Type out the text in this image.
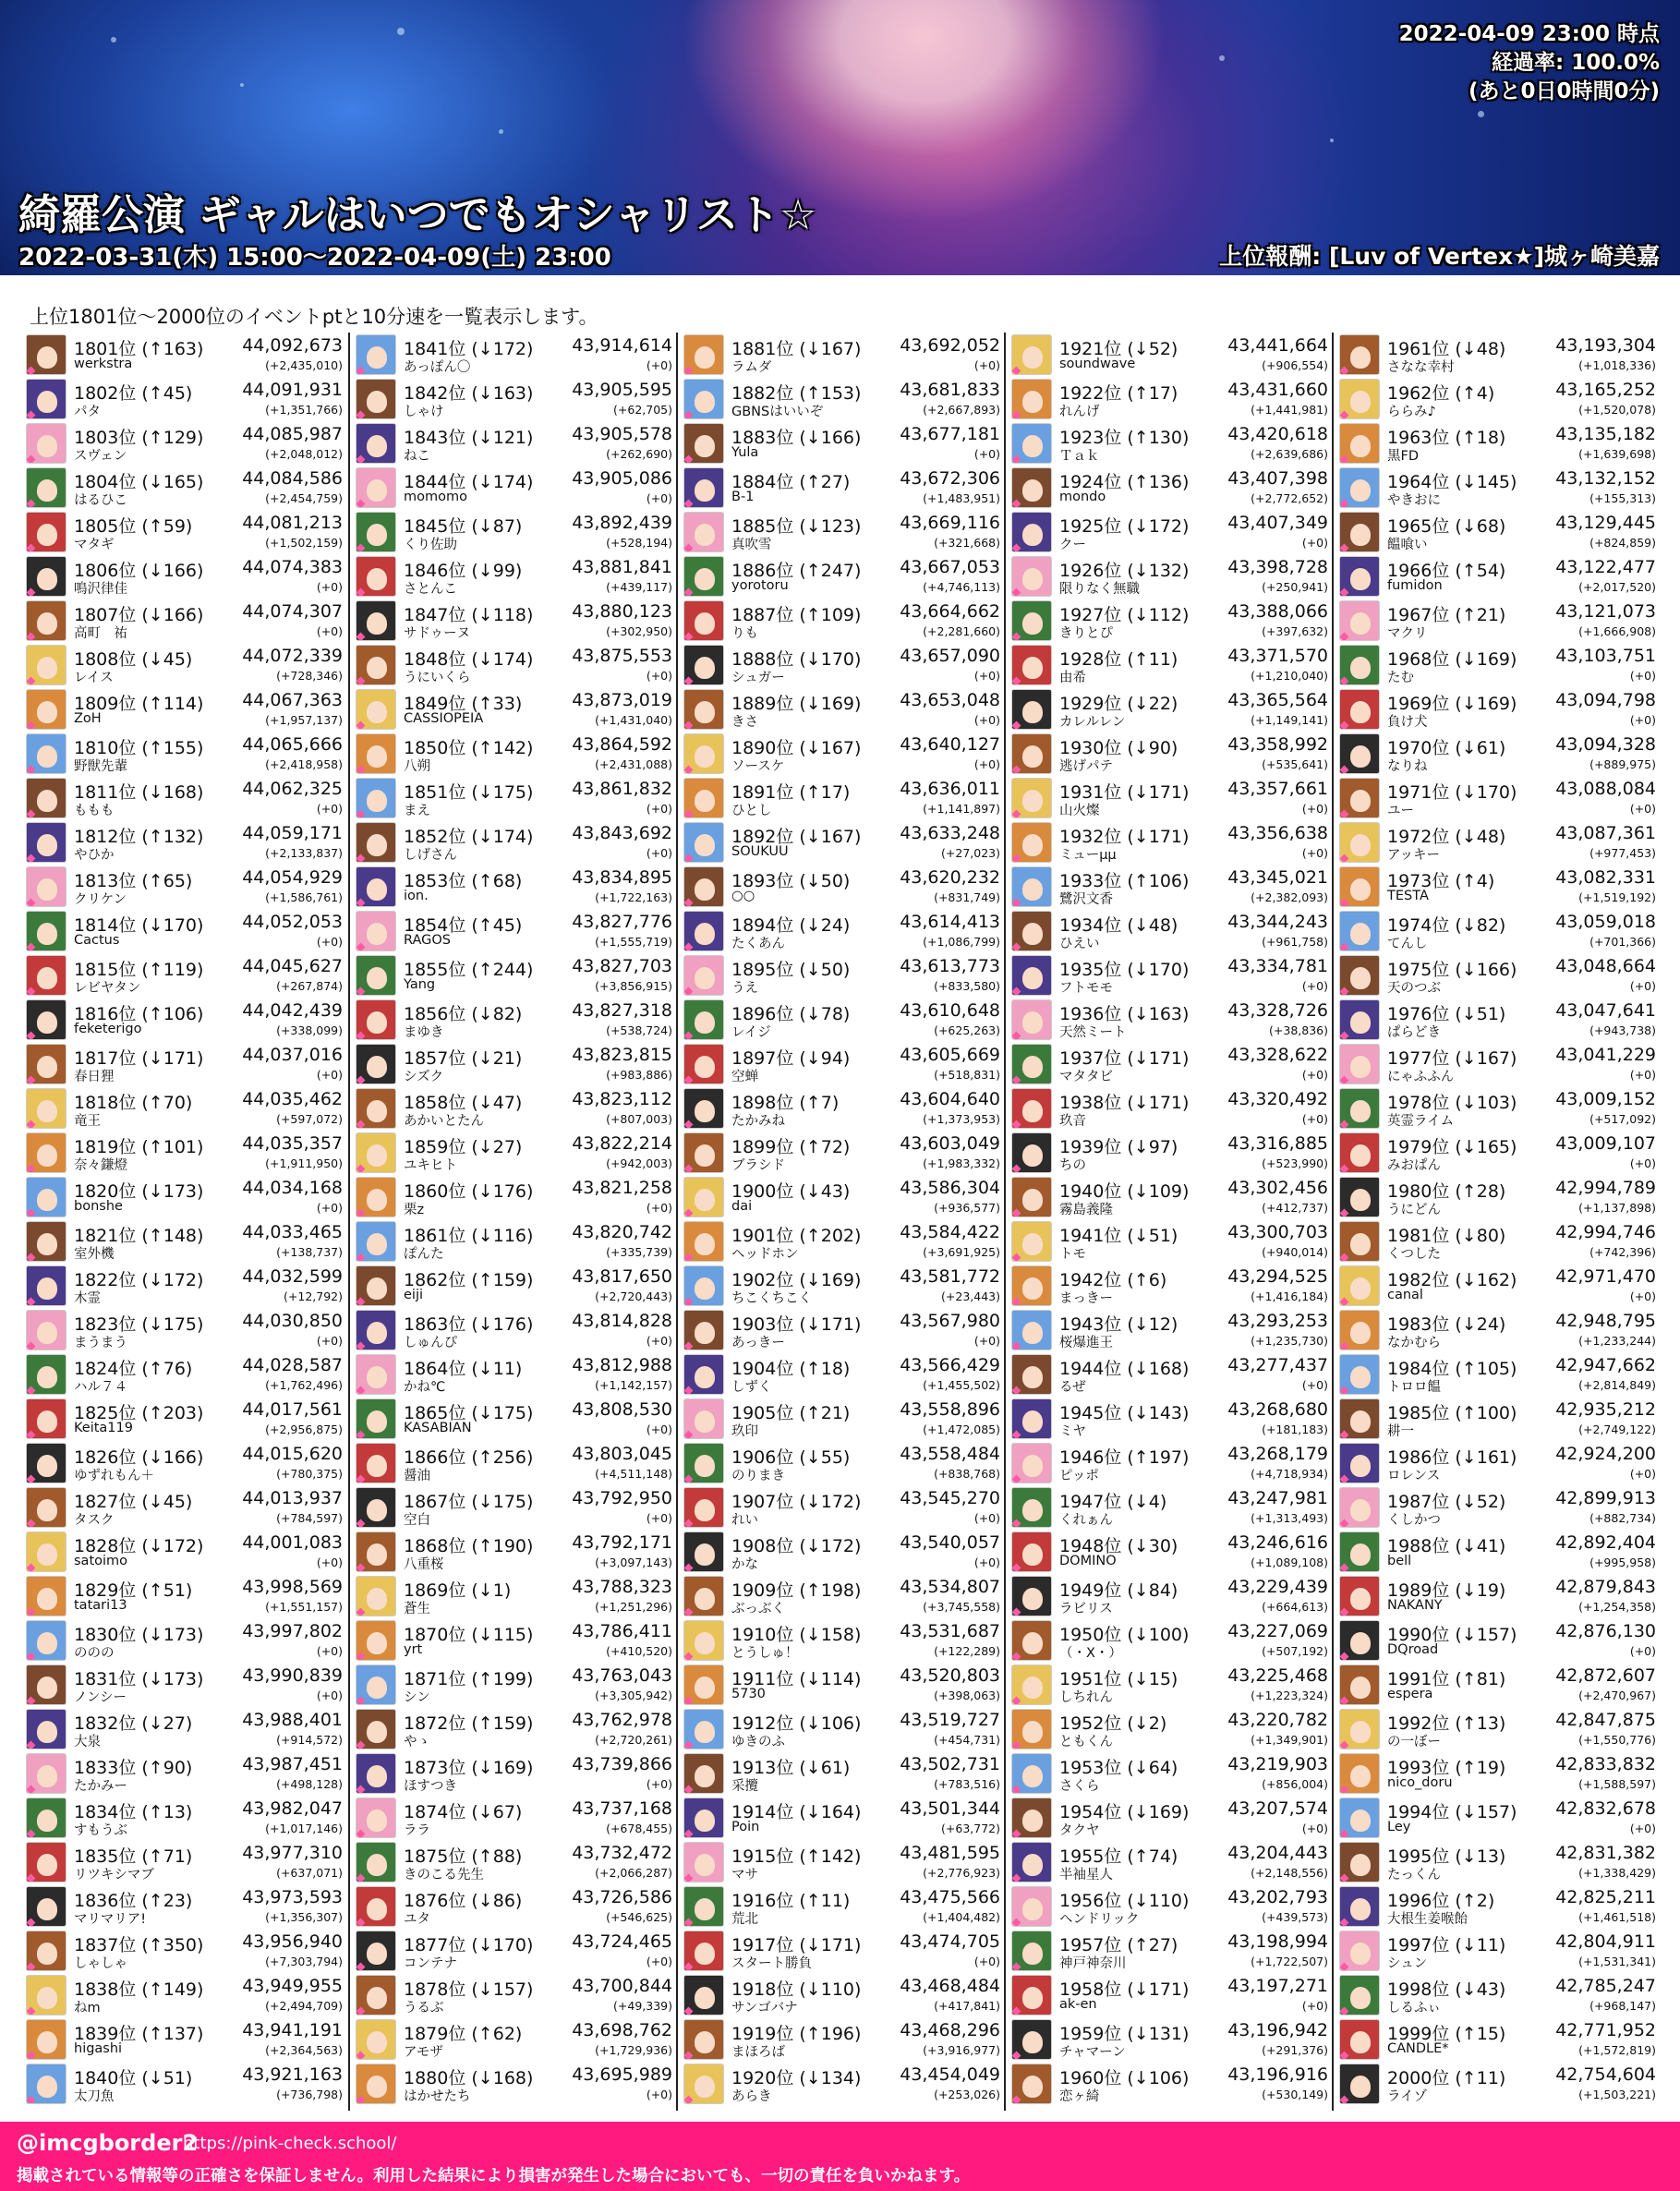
2022-04-09 23:00 時点
経過率: 100.0%
(あと0日0時間0分)
綺羅公演 ギャルはいつでもオシャリスト☆
2022-03-31(木) 15:00～2022-04-09(土) 23:00	上位報酬: [Luv of Vertex★]城ヶ崎美嘉
上位1801位～2000位のイベントptと10分速を一覧表示します。
1801位 (↑163) 44,092,673
werkstra	(+2,435,010)
1802位 (↑45)	44,091,931
パタ	(+1,351,766)
1803位 (↑129) 44,085,987
スヴェン	(+2,048,012)
1804位 (↓165) 44,084,586
はるひこ	(+2,454,759)
1805位 (↑59)	44,081,213
マタギ	(+1,502,159)
1806位 (↓166) 44,074,383
鳴沢律佳	(+0)
1807位 (↓166) 44,074,307
高町　祐	(+0)
1808位 (↓45)	44,072,339
レイス	(+728,346)
1809位 (↑114) 44,067,363
ZoH	(+1,957,137)
1810位 (↑155) 44,065,666
野獣先輩	(+2,418,958)
1811位 (↓168) 44,062,325
ももも	(+0)
1812位 (↑132) 44,059,171
やひか	(+2,133,837)
1813位 (↑65)	44,054,929
クリケン	(+1,586,761)
1814位 (↓170) 44,052,053
Cactus	(+0)
1815位 (↑119) 44,045,627
レビヤタン	(+267,874)
1816位 (↑106) 44,042,439
feketerigo	(+338,099)
1817位 (↓171) 44,037,016
春日狸	(+0)
1818位 (↑70)	44,035,462
竜王	(+597,072)
1819位 (↑101) 44,035,357
奈々鎌燈	(+1,911,950)
1820位 (↓173) 44,034,168
bonshe	(+0)
1821位 (↑148) 44,033,465
室外機	(+138,737)
1822位 (↓172) 44,032,599
木霊	(+12,792)
1823位 (↓175) 44,030,850
まうまう	(+0)
1824位 (↑76)	44,028,587
ハル７４	(+1,762,496)
1825位 (↑203) 44,017,561
Keita119	(+2,956,875)
1826位 (↓166) 44,015,620
ゆずれもん＋	(+780,375)
1827位 (↓45)	44,013,937
タスク	(+784,597)
1828位 (↓172) 44,001,083
satoimo	(+0)
1829位 (↑51)	43,998,569
tatari13	(+1,551,157)
1830位 (↓173) 43,997,802
ののの	(+0)
1831位 (↓173) 43,990,839
ノンシー	(+0)
1832位 (↓27)	43,988,401
大泉	(+914,572)
1833位 (↑90)	43,987,451
たかみー	(+498,128)
1834位 (↑13)	43,982,047
すもうぶ	(+1,017,146)
1835位 (↑71)	43,977,310
リツキシマブ	(+637,071)
1836位 (↑23)	43,973,593
マリマリア!	(+1,356,307)
1837位 (↑350) 43,956,940
しゃしゃ	(+7,303,794)
1838位 (↑149) 43,949,955
ねm	(+2,494,709)
1839位 (↑137) 43,941,191
higashi	(+2,364,563)
1840位 (↓51)	43,921,163
太刀魚	(+736,798)
1841位 (↓172) 43,914,614
あっぽん〇	(+0)
1842位 (↓163) 43,905,595
しゃけ	(+62,705)
1843位 (↓121) 43,905,578
ねこ	(+262,690)
1844位 (↓174) 43,905,086
momomo	(+0)
1845位 (↓87)	43,892,439
くり佐助	(+528,194)
1846位 (↓99)	43,881,841
さとんこ	(+439,117)
1847位 (↓118) 43,880,123
サドゥーヌ	(+302,950)
1848位 (↓174) 43,875,553
うにいくら	(+0)
1849位 (↑33)	43,873,019
CASSIOPEIA	(+1,431,040)
1850位 (↑142) 43,864,592
八朔	(+2,431,088)
1851位 (↓175) 43,861,832
まえ	(+0)
1852位 (↓174) 43,843,692
しげさん	(+0)
1853位 (↑68)	43,834,895
ion.	(+1,722,163)
1854位 (↑45)	43,827,776
RAGOS	(+1,555,719)
1855位 (↑244) 43,827,703
Yang	(+3,856,915)
1856位 (↓82)	43,827,318
まゆき	(+538,724)
1857位 (↓21)	43,823,815
シズク	(+983,886)
1858位 (↓47)	43,823,112
あかいとたん	(+807,003)
1859位 (↓27)	43,822,214
ユキヒト	(+942,003)
1860位 (↓176) 43,821,258
栗z	(+0)
1861位 (↓116) 43,820,742
ぽんた	(+335,739)
1862位 (↑159) 43,817,650
eiji	(+2,720,443)
1863位 (↓176) 43,814,828
しゅんぴ	(+0)
1864位 (↓11)	43,812,988
かね℃	(+1,142,157)
1865位 (↓175) 43,808,530
KASABIAN	(+0)
1866位 (↑256) 43,803,045
醤油	(+4,511,148)
1867位 (↓175) 43,792,950
空白	(+0)
1868位 (↑190) 43,792,171
八重桜	(+3,097,143)
1869位 (↓1)	43,788,323
蒼生	(+1,251,296)
1870位 (↓115) 43,786,411
yrt	(+410,520)
1871位 (↑199) 43,763,043
シン	(+3,305,942)
1872位 (↑159) 43,762,978
やゝ	(+2,720,261)
1873位 (↓169) 43,739,866
ほすつき	(+0)
1874位 (↓67)	43,737,168
ララ	(+678,455)
1875位 (↑88)	43,732,472
きのこる先生	(+2,066,287)
1876位 (↓86)	43,726,586
ユタ	(+546,625)
1877位 (↓170) 43,724,465
コンテナ	(+0)
1878位 (↓157) 43,700,844
うるぶ	(+49,339)
1879位 (↑62)	43,698,762
アモザ	(+1,729,936)
1880位 (↓168) 43,695,989
はかせたち	(+0)
1881位 (↓167) 43,692,052
ラムダ	(+0)
1882位 (↑153) 43,681,833
GBNSはいいぞ	(+2,667,893)
1883位 (↓166) 43,677,181
Yula	(+0)
1884位 (↑27)	43,672,306
B-1	(+1,483,951)
1885位 (↓123) 43,669,116
真吹雪	(+321,668)
1886位 (↑247) 43,667,053
yorotoru	(+4,746,113)
1887位 (↑109) 43,664,662
りも	(+2,281,660)
1888位 (↓170) 43,657,090
シュガー	(+0)
1889位 (↓169) 43,653,048
きさ	(+0)
1890位 (↓167) 43,640,127
ソースケ	(+0)
1891位 (↑17)	43,636,011
ひとし	(+1,141,897)
1892位 (↓167) 43,633,248
SOUKUU	(+27,023)
1893位 (↓50)	43,620,232
○○	(+831,749)
1894位 (↓24)	43,614,413
たくあん	(+1,086,799)
1895位 (↓50)	43,613,773
うえ	(+833,580)
1896位 (↓78)	43,610,648
レイジ	(+625,263)
1897位 (↓94)	43,605,669
空蝉	(+518,831)
1898位 (↑7)	43,604,640
たかみね	(+1,373,953)
1899位 (↑72)	43,603,049
ブラシド	(+1,983,332)
1900位 (↓43)	43,586,304
dai	(+936,577)
1901位 (↑202) 43,584,422
ヘッドホン	(+3,691,925)
1902位 (↓169) 43,581,772
ちこくちこく	(+23,443)
1903位 (↓171) 43,567,980
あっきー	(+0)
1904位 (↑18)	43,566,429
しずく	(+1,455,502)
1905位 (↑21)	43,558,896
玖印	(+1,472,085)
1906位 (↓55)	43,558,484
のりまき	(+838,768)
1907位 (↓172) 43,545,270
れい	(+0)
1908位 (↓172) 43,540,057
かな	(+0)
1909位 (↑198) 43,534,807
ぶっぶく	(+3,745,558)
1910位 (↓158) 43,531,687
とうしゅ！	(+122,289)
1911位 (↓114) 43,520,803
5730	(+398,063)
1912位 (↓106) 43,519,727
ゆきのふ	(+454,731)
1913位 (↓61)	43,502,731
采攬	(+783,516)
1914位 (↓164) 43,501,344
Poin	(+63,772)
1915位 (↑142) 43,481,595
マサ	(+2,776,923)
1916位 (↑11)	43,475,566
荒北	(+1,404,482)
1917位 (↓171) 43,474,705
スタート勝負	(+0)
1918位 (↓110) 43,468,484
サンゴバナ	(+417,841)
1919位 (↑196) 43,468,296
まほろば	(+3,916,977)
1920位 (↓134) 43,454,049
あらき	(+253,026)
1921位 (↓52)	43,441,664
soundwave	(+906,554)
1922位 (↑17)	43,431,660
れんげ	(+1,441,981)
1923位 (↑130) 43,420,618
Ｔａｋ	(+2,639,686)
1924位 (↑136) 43,407,398
mondo	(+2,772,652)
1925位 (↓172) 43,407,349
クー	(+0)
1926位 (↓132) 43,398,728
限りなく無職	(+250,941)
1927位 (↓112) 43,388,066
きりとぴ	(+397,632)
1928位 (↑11)	43,371,570
由希	(+1,210,040)
1929位 (↓22)	43,365,564
カレルレン	(+1,149,141)
1930位 (↓90)	43,358,992
逃げパテ	(+535,641)
1931位 (↓171) 43,357,661
山火燦	(+0)
1932位 (↓171) 43,356,638
ミューμμ	(+0)
1933位 (↑106) 43,345,021
鷺沢文香	(+2,382,093)
1934位 (↓48)	43,344,243
ひえい	(+961,758)
1935位 (↓170) 43,334,781
フトモモ	(+0)
1936位 (↓163) 43,328,726
天然ミート	(+38,836)
1937位 (↓171) 43,328,622
マタタビ	(+0)
1938位 (↓171) 43,320,492
玖音	(+0)
1939位 (↓97)	43,316,885
ちの	(+523,990)
1940位 (↓109) 43,302,456
霧島義隆	(+412,737)
1941位 (↓51)	43,300,703
トモ	(+940,014)
1942位 (↑6)	43,294,525
まっきー	(+1,416,184)
1943位 (↓12)	43,293,253
桜爆進王	(+1,235,730)
1944位 (↓168) 43,277,437
るぜ	(+0)
1945位 (↓143) 43,268,680
ミヤ	(+181,183)
1946位 (↑197) 43,268,179
ピッポ	(+4,718,934)
1947位 (↓4)	43,247,981
くれぁん	(+1,313,493)
1948位 (↓30)	43,246,616
DOMINO	(+1,089,108)
1949位 (↓84)	43,229,439
ラビリス	(+664,613)
1950位 (↓100) 43,227,069
（・X・）	(+507,192)
1951位 (↓15)	43,225,468
しちれん	(+1,223,324)
1952位 (↓2)	43,220,782
ともくん	(+1,349,901)
1953位 (↓64)	43,219,903
さくら	(+856,004)
1954位 (↓169) 43,207,574
タクヤ	(+0)
1955位 (↑74)	43,204,443
半袖星人	(+2,148,556)
1956位 (↓110) 43,202,793
ヘンドリック	(+439,573)
1957位 (↑27)	43,198,994
神戸神奈川	(+1,722,507)
1958位 (↓171) 43,197,271
ak-en	(+0)
1959位 (↓131) 43,196,942
チャマーン	(+291,376)
1960位 (↓106) 43,196,916
恋ヶ綺	(+530,149)
1961位 (↓48)	43,193,304
さなな幸村	(+1,018,336)
1962位 (↑4)	43,165,252
ららみ♪	(+1,520,078)
1963位 (↑18)	43,135,182
黒FD	(+1,639,698)
1964位 (↓145) 43,132,152
やきおに	(+155,313)
1965位 (↓68)	43,129,445
饂喰い	(+824,859)
1966位 (↑54)	43,122,477
fumidon	(+2,017,520)
1967位 (↑21)	43,121,073
マクリ	(+1,666,908)
1968位 (↓169) 43,103,751
たむ	(+0)
1969位 (↓169) 43,094,798
負け犬	(+0)
1970位 (↓61)	43,094,328
なりね	(+889,975)
1971位 (↓170) 43,088,084
ユー	(+0)
1972位 (↓48)	43,087,361
アッキー	(+977,453)
1973位 (↑4)	43,082,331
TESTA	(+1,519,192)
1974位 (↓82)	43,059,018
てんし	(+701,366)
1975位 (↓166) 43,048,664
天のつぶ	(+0)
1976位 (↓51)	43,047,641
ぱらどき	(+943,738)
1977位 (↓167) 43,041,229
にゃふふん	(+0)
1978位 (↓103) 43,009,152
英霊ライム	(+517,092)
1979位 (↓165) 43,009,107
みおぱん	(+0)
1980位 (↑28)	42,994,789
うにどん	(+1,137,898)
1981位 (↓80)	42,994,746
くつした	(+742,396)
1982位 (↓162) 42,971,470
canal	(+0)
1983位 (↓24)	42,948,795
なかむら	(+1,233,244)
1984位 (↑105) 42,947,662
トロロ饂	(+2,814,849)
1985位 (↑100) 42,935,212
耕一	(+2,749,122)
1986位 (↓161) 42,924,200
ロレンス	(+0)
1987位 (↓52)	42,899,913
くしかつ	(+882,734)
1988位 (↓41)	42,892,404
bell	(+995,958)
1989位 (↓19)	42,879,843
NAKANY	(+1,254,358)
1990位 (↓157) 42,876,130
DQroad	(+0)
1991位 (↑81)	42,872,607
espera	(+2,470,967)
1992位 (↑13)	42,847,875
の一ぼー	(+1,550,776)
1993位 (↑19)	42,833,832
nico_doru	(+1,588,597)
1994位 (↓157) 42,832,678
Ley	(+0)
1995位 (↓13)	42,831,382
たっくん	(+1,338,429)
1996位 (↑2)	42,825,211
大根生姜喉飴	(+1,461,518)
1997位 (↓11)	42,804,911
シュン	(+1,531,341)
1998位 (↓43)	42,785,247
しるふぃ	(+968,147)
1999位 (↑15)	42,771,952
CANDLE*	(+1,572,819)
2000位 (↑11)	42,754,604
ライゾ	(+1,503,221)
@imcgborder2
https://pink-check.school/
掲載されている情報等の正確さを保証しません。利用した結果により損害が発生した場合においても、一切の責任を負いかねます。
